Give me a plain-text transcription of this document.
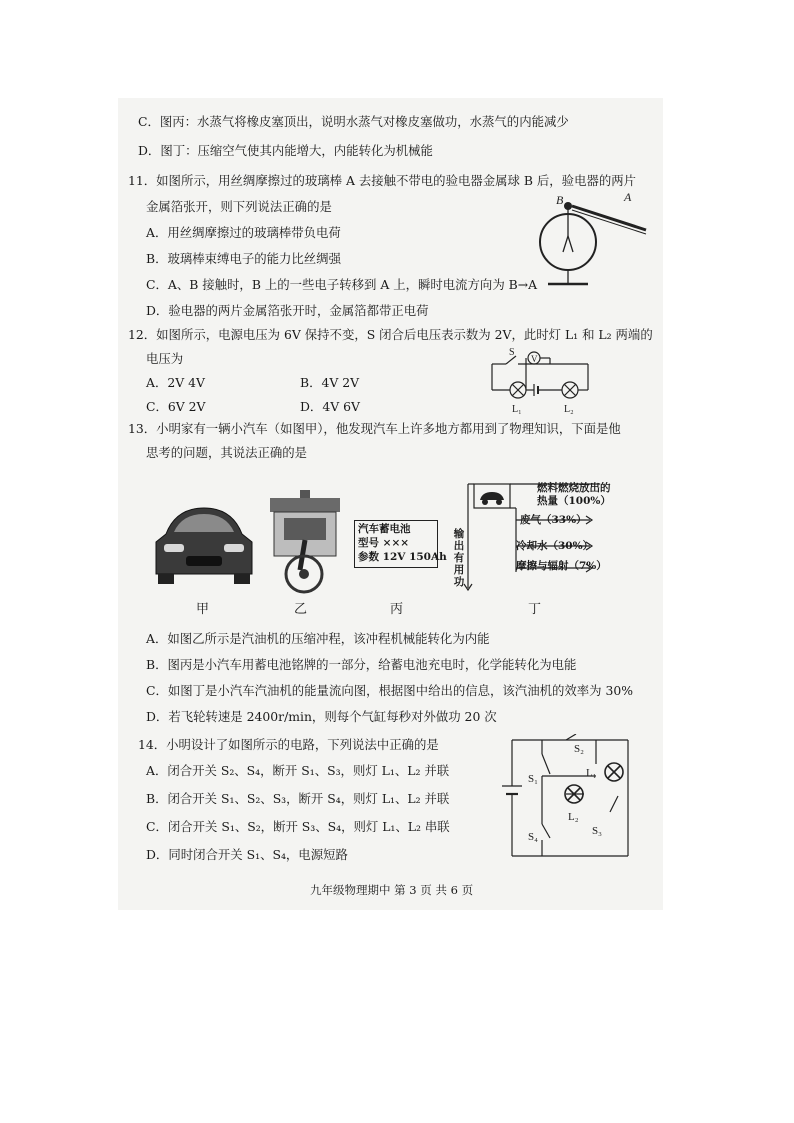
C．图丙：水蒸气将橡皮塞顶出，说明水蒸气对橡皮塞做功，水蒸气的内能减少
D．图丁：压缩空气使其内能增大，内能转化为机械能
11．如图所示，用丝绸摩擦过的玻璃棒 A 去接触不带电的验电器金属球 B 后，验电器的两片
金属箔张开，则下列说法正确的是
A．用丝绸摩擦过的玻璃棒带负电荷
B．玻璃棒束缚电子的能力比丝绸强
C．A、B 接触时，B 上的一些电子转移到 A 上，瞬时电流方向为 B→A
D．验电器的两片金属箔张开时，金属箔都带正电荷
B	A
12．如图所示，电源电压为 6V 保持不变，S 闭合后电压表示数为 2V，此时灯 L₁ 和 L₂ 两端的
电压为
A．2V 4V	B．4V 2V
C．6V 2V	D．4V 6V
S
V
L₁	L₂
13．小明家有一辆小汽车（如图甲），他发现汽车上许多地方都用到了物理知识，下面是他
思考的问题，其说法正确的是
甲	乙
汽车蓄电池
型号 ×××
参数 12V 150Ah
丙
燃料燃烧放出的
热量（100%）
废气（33%）
冷却水（30%）
摩擦与辐射（7%）
输出有用功
丁
A．如图乙所示是汽油机的压缩冲程，该冲程机械能转化为内能
B．图丙是小汽车用蓄电池铭牌的一部分，给蓄电池充电时，化学能转化为电能
C．如图丁是小汽车汽油机的能量流向图，根据图中给出的信息，该汽油机的效率为 30%
D．若飞轮转速是 2400r/min，则每个气缸每秒对外做功 20 次
14．小明设计了如图所示的电路，下列说法中正确的是
A．闭合开关 S₂、S₄，断开 S₁、S₃，则灯 L₁、L₂ 并联
B．闭合开关 S₁、S₂、S₃，断开 S₄，则灯 L₁、L₂ 并联
C．闭合开关 S₁、S₂，断开 S₃、S₄，则灯 L₁、L₂ 串联
D．同时闭合开关 S₁、S₄，电源短路
S₁
S₂
S₃
S₄
L₁
L₂
九年级物理期中 第 3 页 共 6 页
